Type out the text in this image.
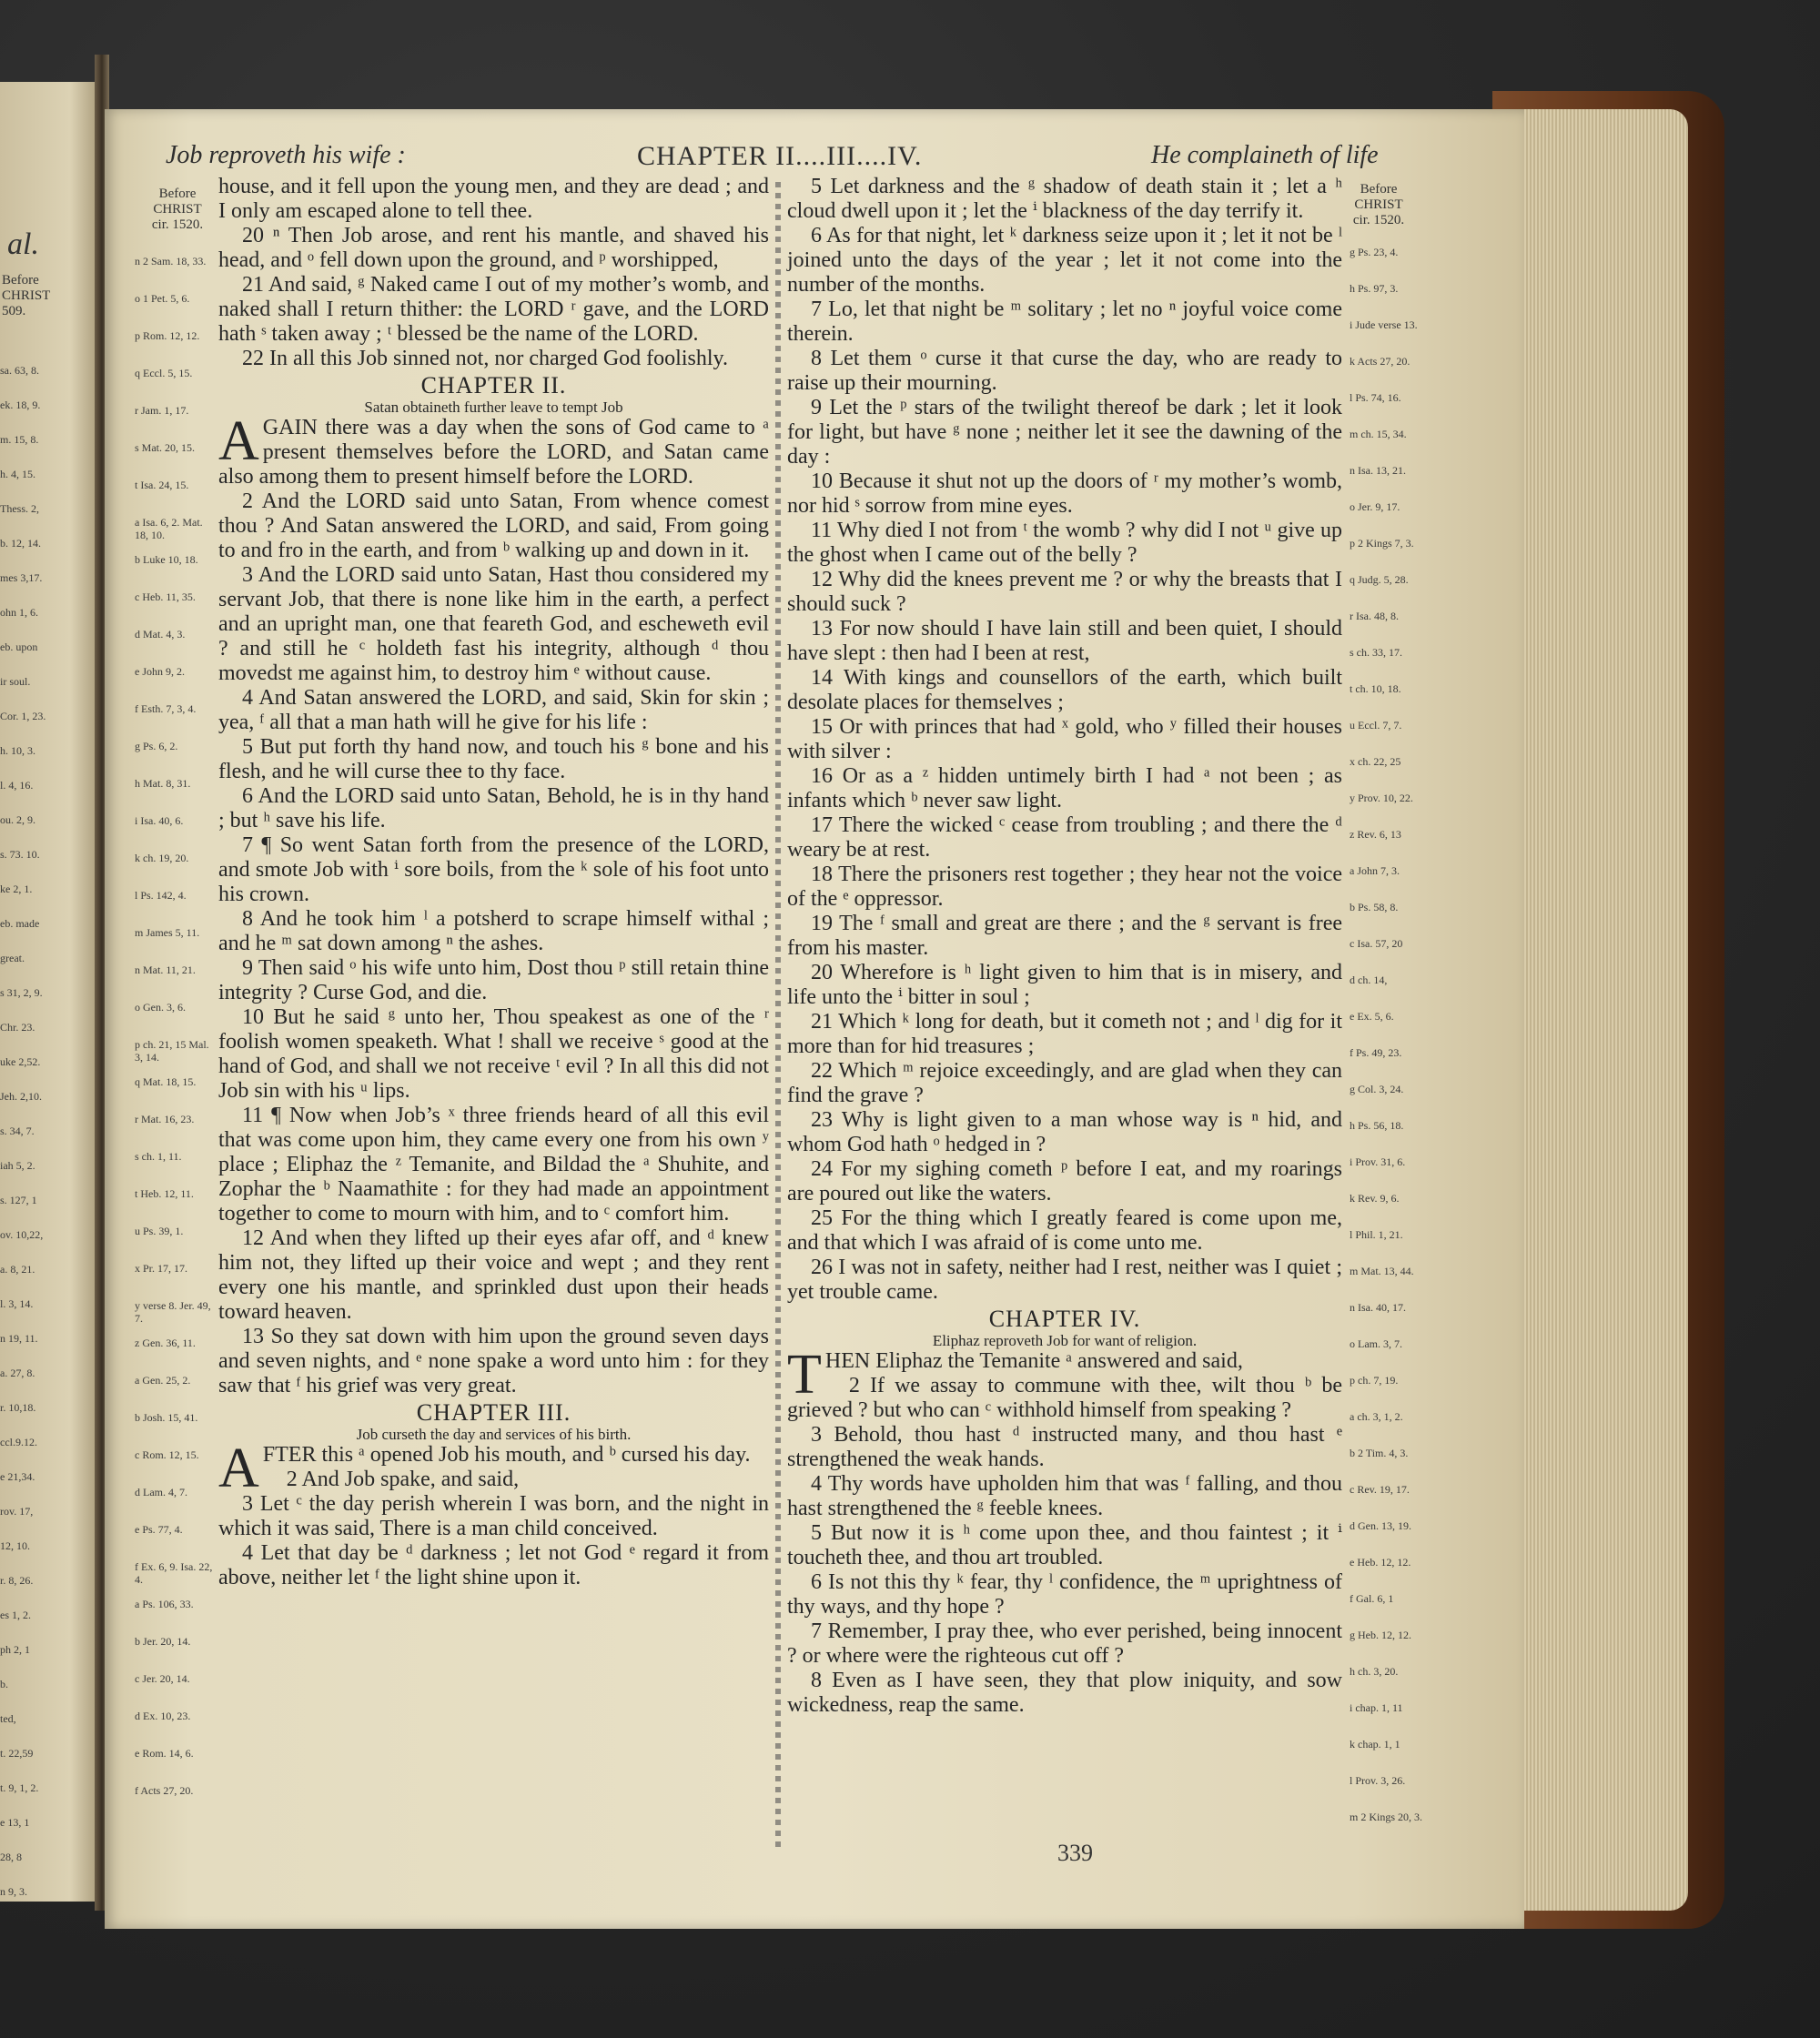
al.
Before
CHRIST
509.
sa. 63, 8.
ek. 18, 9.
m. 15, 8.
h. 4, 15.
Thess. 2,
b. 12, 14.
mes 3,17.
ohn 1, 6.
eb. upon
ir soul.
Cor. 1, 23.
h. 10, 3.
l. 4, 16.
ou. 2, 9.
s. 73. 10.
ke 2, 1.
eb. made
great.
s 31, 2, 9.
Chr. 23.
uke 2,52.
Jeh. 2,10.
s. 34, 7.
iah 5, 2.
s. 127, 1
ov. 10,22,
a. 8, 21.
l. 3, 14.
n 19, 11.
a. 27, 8.
r. 10,18.
ccl.9.12.
e 21,34.
rov. 17,
12, 10.
r. 8, 26.
es 1, 2.
ph 2, 1
b.
ted,
t. 22,59
t. 9, 1, 2.
e 13, 1
28, 8
n 9, 3.
Job reproveth his wife :	CHAPTER II....III....IV.	He complaineth of life
Before
CHRIST
cir. 1520.
Before
CHRIST
cir. 1520.
n 2 Sam. 18, 33.
o 1 Pet. 5, 6.
p Rom. 12, 12.
q Eccl. 5, 15.
r Jam. 1, 17.
s Mat. 20, 15.
t Isa. 24, 15.
a Isa. 6, 2. Mat. 18, 10.
b Luke 10, 18.
c Heb. 11, 35.
d Mat. 4, 3.
e John 9, 2.
f Esth. 7, 3, 4.
g Ps. 6, 2.
h Mat. 8, 31.
i Isa. 40, 6.
k ch. 19, 20.
l Ps. 142, 4.
m James 5, 11.
n Mat. 11, 21.
o Gen. 3, 6.
p ch. 21, 15 Mal. 3, 14.
q Mat. 18, 15.
r Mat. 16, 23.
s ch. 1, 11.
t Heb. 12, 11.
u Ps. 39, 1.
x Pr. 17, 17.
y verse 8. Jer. 49, 7.
z Gen. 36, 11.
a Gen. 25, 2.
b Josh. 15, 41.
c Rom. 12, 15.
d Lam. 4, 7.
e Ps. 77, 4.
f Ex. 6, 9. Isa. 22, 4.
a Ps. 106, 33.
b Jer. 20, 14.
c Jer. 20, 14.
d Ex. 10, 23.
e Rom. 14, 6.
f Acts 27, 20.
g Ps. 23, 4.
h Ps. 97, 3.
i Jude verse 13.
k Acts 27, 20.
l Ps. 74, 16.
m ch. 15, 34.
n Isa. 13, 21.
o Jer. 9, 17.
p 2 Kings 7, 3.
q Judg. 5, 28.
r Isa. 48, 8.
s ch. 33, 17.
t ch. 10, 18.
u Eccl. 7, 7.
x ch. 22, 25
y Prov. 10, 22.
z Rev. 6, 13
a John 7, 3.
b Ps. 58, 8.
c Isa. 57, 20
d ch. 14,
e Ex. 5, 6.
f Ps. 49, 23.
g Col. 3, 24.
h Ps. 56, 18.
i Prov. 31, 6.
k Rev. 9, 6.
l Phil. 1, 21.
m Mat. 13, 44.
n Isa. 40, 17.
o Lam. 3, 7.
p ch. 7, 19.
a ch. 3, 1, 2.
b 2 Tim. 4, 3.
c Rev. 19, 17.
d Gen. 13, 19.
e Heb. 12, 12.
f Gal. 6, 1
g Heb. 12, 12.
h ch. 3, 20.
i chap. 1, 11
k chap. 1, 1
l Prov. 3, 26.
m 2 Kings 20, 3.

house, and it fell upon the young men, and they are dead ; and I only am escaped alone to tell thee.

20 ⁿ Then Job arose, and rent his mantle, and shaved his head, and ᵒ fell down upon the ground, and ᵖ worshipped,

21 And said, ᵍ Naked came I out of my mother’s womb, and naked shall I return thither: the LORD ʳ gave, and the LORD hath ˢ taken away ; ᵗ blessed be the name of the LORD.

22 In all this Job sinned not, nor charged God foolishly.

CHAPTER II.
Satan obtaineth further leave to tempt Job

AGAIN there was a day when the sons of God came to ᵃ present themselves before the LORD, and Satan came also among them to present himself before the LORD.

2 And the LORD said unto Satan, From whence comest thou ? And Satan answered the LORD, and said, From going to and fro in the earth, and from ᵇ walking up and down in it.

3 And the LORD said unto Satan, Hast thou considered my servant Job, that there is none like him in the earth, a perfect and an upright man, one that feareth God, and escheweth evil ? and still he ᶜ holdeth fast his integrity, although ᵈ thou movedst me against him, to destroy him ᵉ without cause.

4 And Satan answered the LORD, and said, Skin for skin ; yea, ᶠ all that a man hath will he give for his life :

5 But put forth thy hand now, and touch his ᵍ bone and his flesh, and he will curse thee to thy face.

6 And the LORD said unto Satan, Behold, he is in thy hand ; but ʰ save his life.

7 ¶ So went Satan forth from the presence of the LORD, and smote Job with ⁱ sore boils, from the ᵏ sole of his foot unto his crown.

8 And he took him ˡ a potsherd to scrape himself withal ; and he ᵐ sat down among ⁿ the ashes.

9 Then said ᵒ his wife unto him, Dost thou ᵖ still retain thine integrity ? Curse God, and die.

10 But he said ᵍ unto her, Thou speakest as one of the ʳ foolish women speaketh. What ! shall we receive ˢ good at the hand of God, and shall we not receive ᵗ evil ? In all this did not Job sin with his ᵘ lips.

11 ¶ Now when Job’s ˣ three friends heard of all this evil that was come upon him, they came every one from his own ʸ place ; Eliphaz the ᶻ Temanite, and Bildad the ᵃ Shuhite, and Zophar the ᵇ Naamathite : for they had made an appointment together to come to mourn with him, and to ᶜ comfort him.

12 And when they lifted up their eyes afar off, and ᵈ knew him not, they lifted up their voice and wept ; and they rent every one his mantle, and sprinkled dust upon their heads toward heaven.

13 So they sat down with him upon the ground seven days and seven nights, and ᵉ none spake a word unto him : for they saw that ᶠ his grief was very great.

CHAPTER III.
Job curseth the day and services of his birth.

AFTER this ᵃ opened Job his mouth, and ᵇ cursed his day.

2 And Job spake, and said,

3 Let ᶜ the day perish wherein I was born, and the night in which it was said, There is a man child conceived.

4 Let that day be ᵈ darkness ; let not God ᵉ regard it from above, neither let ᶠ the light shine upon it.

5 Let darkness and the ᵍ shadow of death stain it ; let a ʰ cloud dwell upon it ; let the ⁱ blackness of the day terrify it.

6 As for that night, let ᵏ darkness seize upon it ; let it not be ˡ joined unto the days of the year ; let it not come into the number of the months.

7 Lo, let that night be ᵐ solitary ; let no ⁿ joyful voice come therein.

8 Let them ᵒ curse it that curse the day, who are ready to raise up their mourning.

9 Let the ᵖ stars of the twilight thereof be dark ; let it look for light, but have ᵍ none ; neither let it see the dawning of the day :

10 Because it shut not up the doors of ʳ my mother’s womb, nor hid ˢ sorrow from mine eyes.

11 Why died I not from ᵗ the womb ? why did I not ᵘ give up the ghost when I came out of the belly ?

12 Why did the knees prevent me ? or why the breasts that I should suck ?

13 For now should I have lain still and been quiet, I should have slept : then had I been at rest,

14 With kings and counsellors of the earth, which built desolate places for themselves ;

15 Or with princes that had ˣ gold, who ʸ filled their houses with silver :

16 Or as a ᶻ hidden untimely birth I had ᵃ not been ; as infants which ᵇ never saw light.

17 There the wicked ᶜ cease from troubling ; and there the ᵈ weary be at rest.

18 There the prisoners rest together ; they hear not the voice of the ᵉ oppressor.

19 The ᶠ small and great are there ; and the ᵍ servant is free from his master.

20 Wherefore is ʰ light given to him that is in misery, and life unto the ⁱ bitter in soul ;

21 Which ᵏ long for death, but it cometh not ; and ˡ dig for it more than for hid treasures ;

22 Which ᵐ rejoice exceedingly, and are glad when they can find the grave ?

23 Why is light given to a man whose way is ⁿ hid, and whom God hath ᵒ hedged in ?

24 For my sighing cometh ᵖ before I eat, and my roarings are poured out like the waters.

25 For the thing which I greatly feared is come upon me, and that which I was afraid of is come unto me.

26 I was not in safety, neither had I rest, neither was I quiet ; yet trouble came.

CHAPTER IV.
Eliphaz reproveth Job for want of religion.

THEN Eliphaz the Temanite ᵃ answered and said,

2 If we assay to commune with thee, wilt thou ᵇ be grieved ? but who can ᶜ withhold himself from speaking ?

3 Behold, thou hast ᵈ instructed many, and thou hast ᵉ strengthened the weak hands.

4 Thy words have upholden him that was ᶠ falling, and thou hast strengthened the ᵍ feeble knees.

5 But now it is ʰ come upon thee, and thou faintest ; it ⁱ toucheth thee, and thou art troubled.

6 Is not this thy ᵏ fear, thy ˡ confidence, the ᵐ uprightness of thy ways, and thy hope ?

7 Remember, I pray thee, who ever perished, being innocent ? or where were the righteous cut off ?

8 Even as I have seen, they that plow iniquity, and sow wickedness, reap the same.

339
